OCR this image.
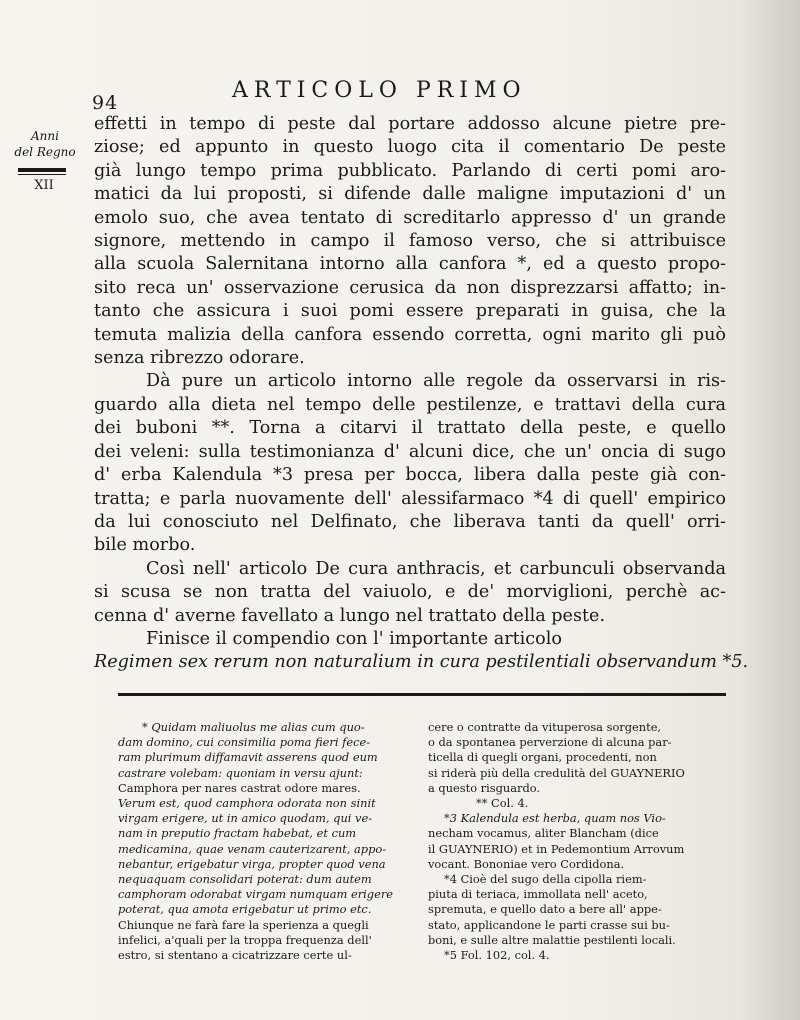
94	ARTICOLO PRIMO
Anni
del Regno
XII
effetti in tempo di peste dal portare addosso alcune pietre pre-
ziose; ed appunto in questo luogo cita il comentario De peste
già lungo tempo prima pubblicato. Parlando di certi pomi aro-
matici da lui proposti, si difende dalle maligne imputazioni d' un
emolo suo, che avea tentato di screditarlo appresso d' un grande
signore, mettendo in campo il famoso verso, che si attribuisce
alla scuola Salernitana intorno alla canfora *, ed a questo propo-
sito reca un' osservazione cerusica da non disprezzarsi affatto; in-
tanto che assicura i suoi pomi essere preparati in guisa, che la
temuta malizia della canfora essendo corretta, ogni marito gli può
senza ribrezzo odorare.
Dà pure un articolo intorno alle regole da osservarsi in ris-
guardo alla dieta nel tempo delle pestilenze, e trattavi della cura
dei buboni **. Torna a citarvi il trattato della peste, e quello
dei veleni: sulla testimonianza d' alcuni dice, che un' oncia di sugo
d' erba Kalendula *3 presa per bocca, libera dalla peste già con-
tratta; e parla nuovamente dell' alessifarmaco *4 di quell' empirico
da lui conosciuto nel Delfinato, che liberava tanti da quell' orri-
bile morbo.
Così nell' articolo De cura anthracis, et carbunculi observanda
si scusa se non tratta del vaiuolo, e de' morviglioni, perchè ac-
cenna d' averne favellato a lungo nel trattato della peste.
Finisce il compendio con l' importante articolo
Regimen sex rerum non naturalium in cura pestilentiali observandum *5.
* Quidam maliuolus me alias cum quo-
dam domino, cui consimilia poma fieri fece-
ram plurimum diffamavit asserens quod eum
castrare volebam: quoniam in versu ajunt:
Camphora per nares castrat odore mares.
Verum est, quod camphora odorata non sinit
virgam erigere, ut in amico quodam, qui ve-
nam in preputio fractam habebat, et cum
medicamina, quae venam cauterizarent, appo-
nebantur, erigebatur virga, propter quod vena
nequaquam consolidari poterat: dum autem
camphoram odorabat virgam numquam erigere
poterat, qua amota erigebatur ut primo etc.
Chiunque ne farà fare la sperienza a quegli
infelici, a'quali per la troppa frequenza dell'
estro, si stentano a cicatrizzare certe ul-
cere o contratte da vituperosa sorgente,
o da spontanea perverzione di alcuna par-
ticella di quegli organi, procedenti, non
si riderà più della credulità del GUAYNERIO
a questo risguardo.
** Col. 4.
*3 Kalendula est herba, quam nos Vio-
necham vocamus, aliter Blancham (dice
il GUAYNERIO) et in Pedemontium Arrovum
vocant. Bononiae vero Cordidona.
*4 Cioè del sugo della cipolla riem-
piuta di teriaca, immollata nell' aceto,
spremuta, e quello dato a bere all' appe-
stato, applicandone le parti crasse sui bu-
boni, e sulle altre malattie pestilenti locali.
*5 Fol. 102, col. 4.
